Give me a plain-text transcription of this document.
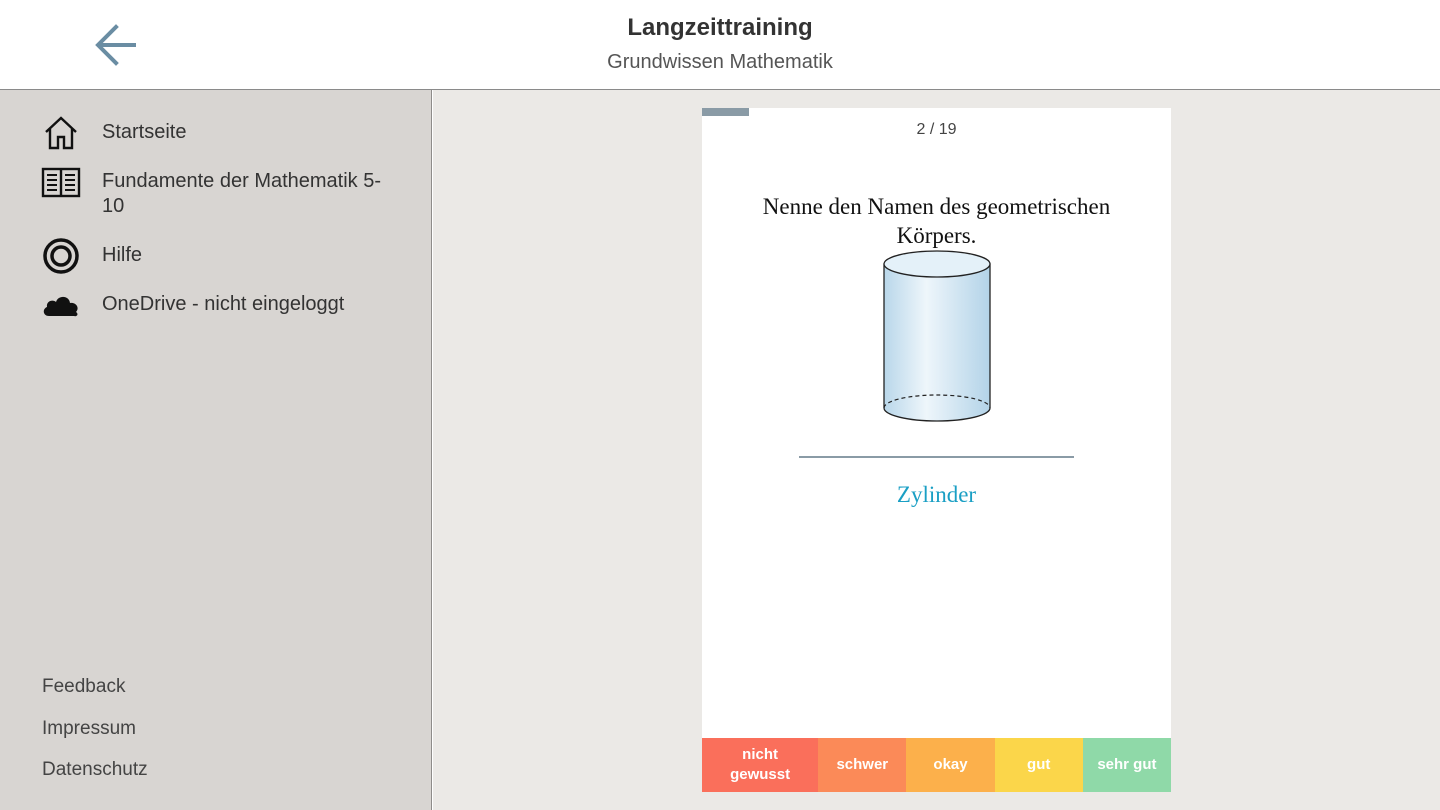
Langzeittraining
Grundwissen Mathematik
Startseite
Fundamente der Mathematik 5-10
Hilfe
OneDrive - nicht eingeloggt
Feedback
Impressum
Datenschutz
2 / 19
Nenne den Namen des geometrischen Körpers.
Zylinder
nicht gewusst
schwer	okay	gut	sehr gut
